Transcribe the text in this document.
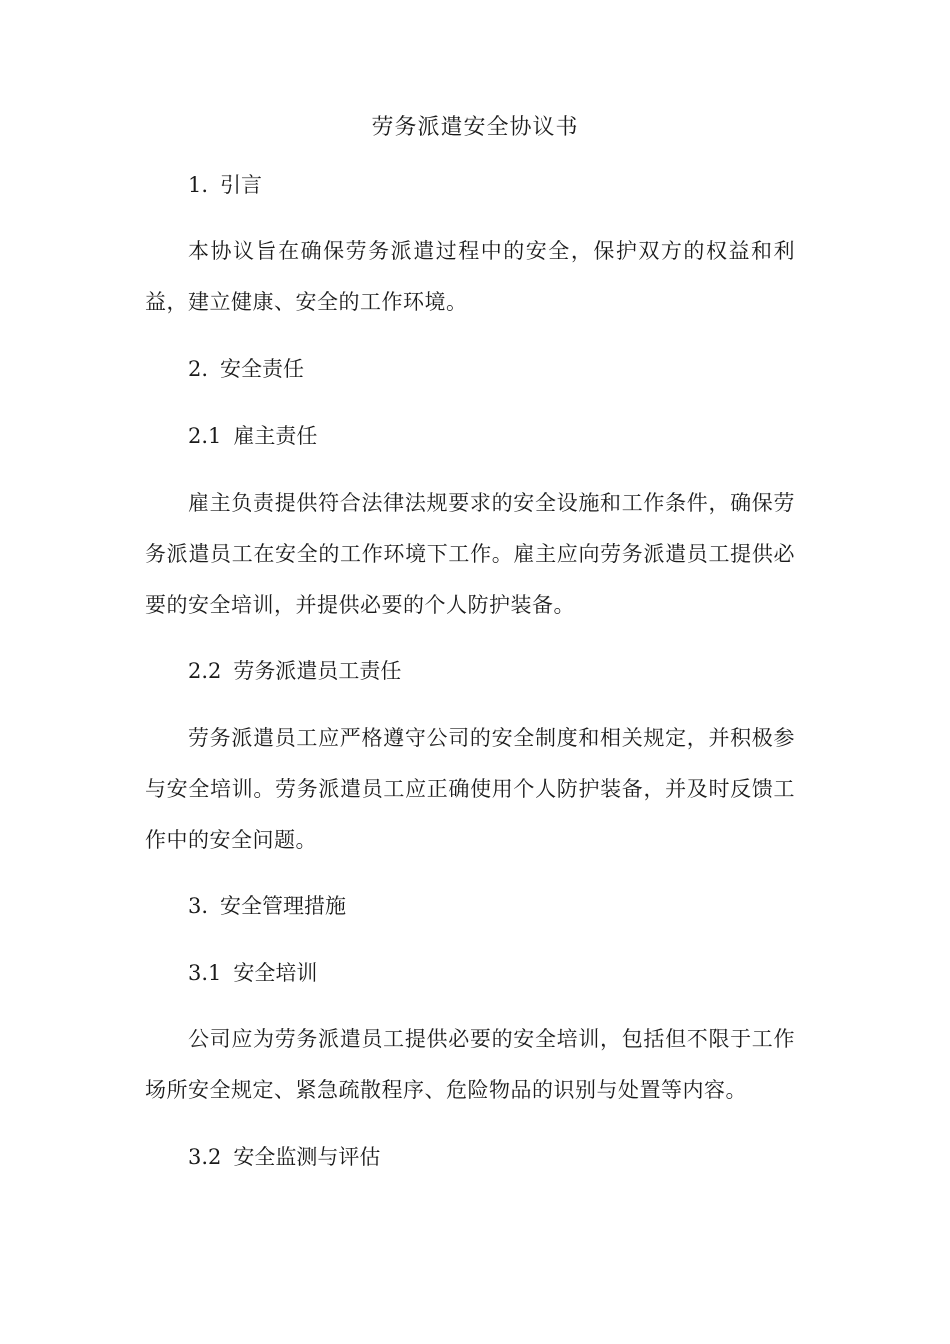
劳务派遣安全协议书
1. 引言
本协议旨在确保劳务派遣过程中的安全，保护双方的权益和利益，建立健康、安全的工作环境。
2. 安全责任
2.1 雇主责任
雇主负责提供符合法律法规要求的安全设施和工作条件，确保劳务派遣员工在安全的工作环境下工作。雇主应向劳务派遣员工提供必要的安全培训，并提供必要的个人防护装备。
2.2 劳务派遣员工责任
劳务派遣员工应严格遵守公司的安全制度和相关规定，并积极参与安全培训。劳务派遣员工应正确使用个人防护装备，并及时反馈工作中的安全问题。
3. 安全管理措施
3.1 安全培训
公司应为劳务派遣员工提供必要的安全培训，包括但不限于工作场所安全规定、紧急疏散程序、危险物品的识别与处置等内容。
3.2 安全监测与评估
